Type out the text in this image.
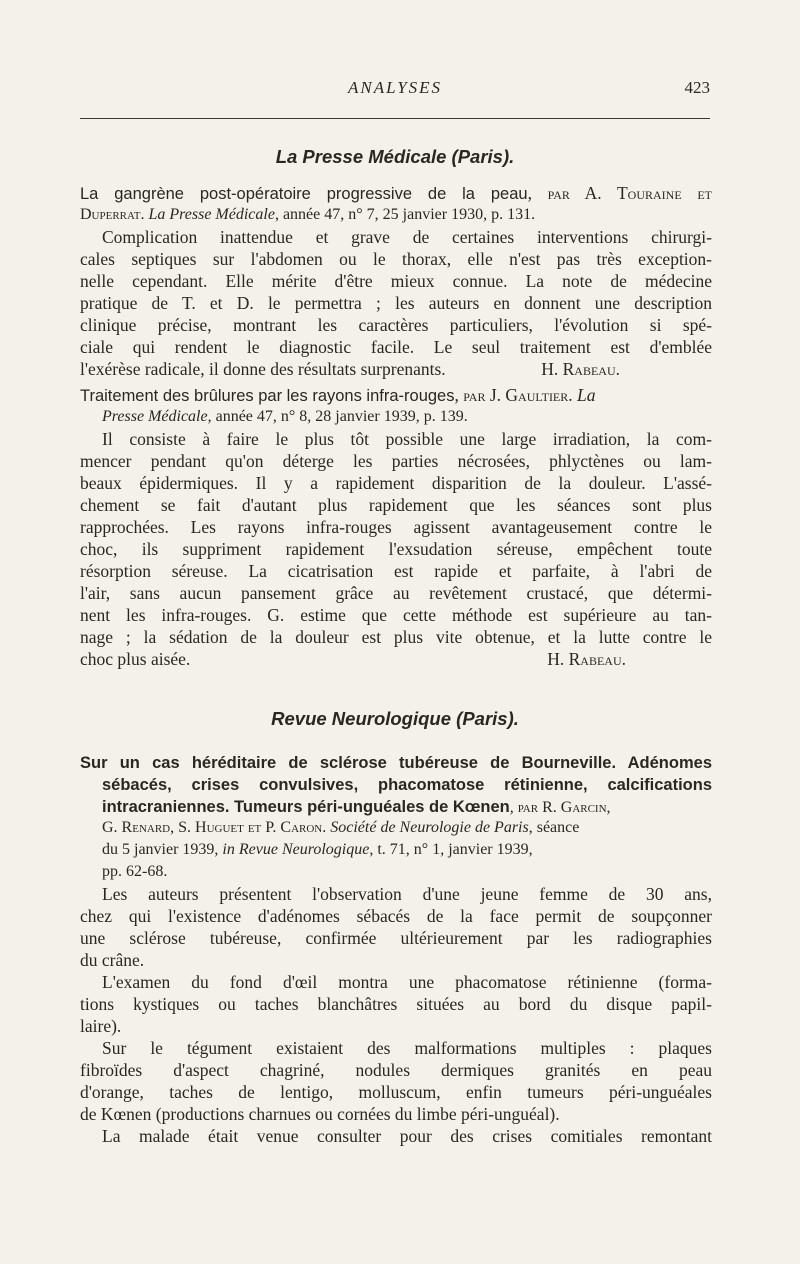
ANALYSES	423
La Presse Médicale (Paris).
La gangrène post-opératoire progressive de la peau, par A. Touraine et
Duperrat. La Presse Médicale, année 47, n° 7, 25 janvier 1930, p. 131.
Complication inattendue et grave de certaines interventions chirurgi-
cales septiques sur l'abdomen ou le thorax, elle n'est pas très exception-
nelle cependant. Elle mérite d'être mieux connue. La note de médecine
pratique de T. et D. le permettra ; les auteurs en donnent une description
clinique précise, montrant les caractères particuliers, l'évolution si spé-
ciale qui rendent le diagnostic facile. Le seul traitement est d'emblée
l'exérèse radicale, il donne des résultats surprenants.	H. Rabeau.
Traitement des brûlures par les rayons infra-rouges, par J. Gaultier. La
Presse Médicale, année 47, n° 8, 28 janvier 1939, p. 139.
Il consiste à faire le plus tôt possible une large irradiation, la com-
mencer pendant qu'on déterge les parties nécrosées, phlyctènes ou lam-
beaux épidermiques. Il y a rapidement disparition de la douleur. L'assé-
chement se fait d'autant plus rapidement que les séances sont plus
rapprochées. Les rayons infra-rouges agissent avantageusement contre le
choc, ils suppriment rapidement l'exsudation séreuse, empêchent toute
résorption séreuse. La cicatrisation est rapide et parfaite, à l'abri de
l'air, sans aucun pansement grâce au revêtement crustacé, que détermi-
nent les infra-rouges. G. estime que cette méthode est supérieure au tan-
nage ; la sédation de la douleur est plus vite obtenue, et la lutte contre le
choc plus aisée.	H. Rabeau.
Revue Neurologique (Paris).
Sur un cas héréditaire de sclérose tubéreuse de Bourneville. Adénomes
sébacés, crises convulsives, phacomatose rétinienne, calcifications
intracraniennes. Tumeurs péri-unguéales de Kœnen, par R. Garcin,
G. Renard, S. Huguet et P. Caron. Société de Neurologie de Paris, séance
du 5 janvier 1939, in Revue Neurologique, t. 71, n° 1, janvier 1939,
pp. 62-68.
Les auteurs présentent l'observation d'une jeune femme de 30 ans,
chez qui l'existence d'adénomes sébacés de la face permit de soupçonner
une sclérose tubéreuse, confirmée ultérieurement par les radiographies
du crâne.
L'examen du fond d'œil montra une phacomatose rétinienne (forma-
tions kystiques ou taches blanchâtres situées au bord du disque papil-
laire).
Sur le tégument existaient des malformations multiples : plaques
fibroïdes d'aspect chagriné, nodules dermiques granités en peau
d'orange, taches de lentigo, molluscum, enfin tumeurs péri-unguéales
de Kœnen (productions charnues ou cornées du limbe péri-unguéal).
La malade était venue consulter pour des crises comitiales remontant
